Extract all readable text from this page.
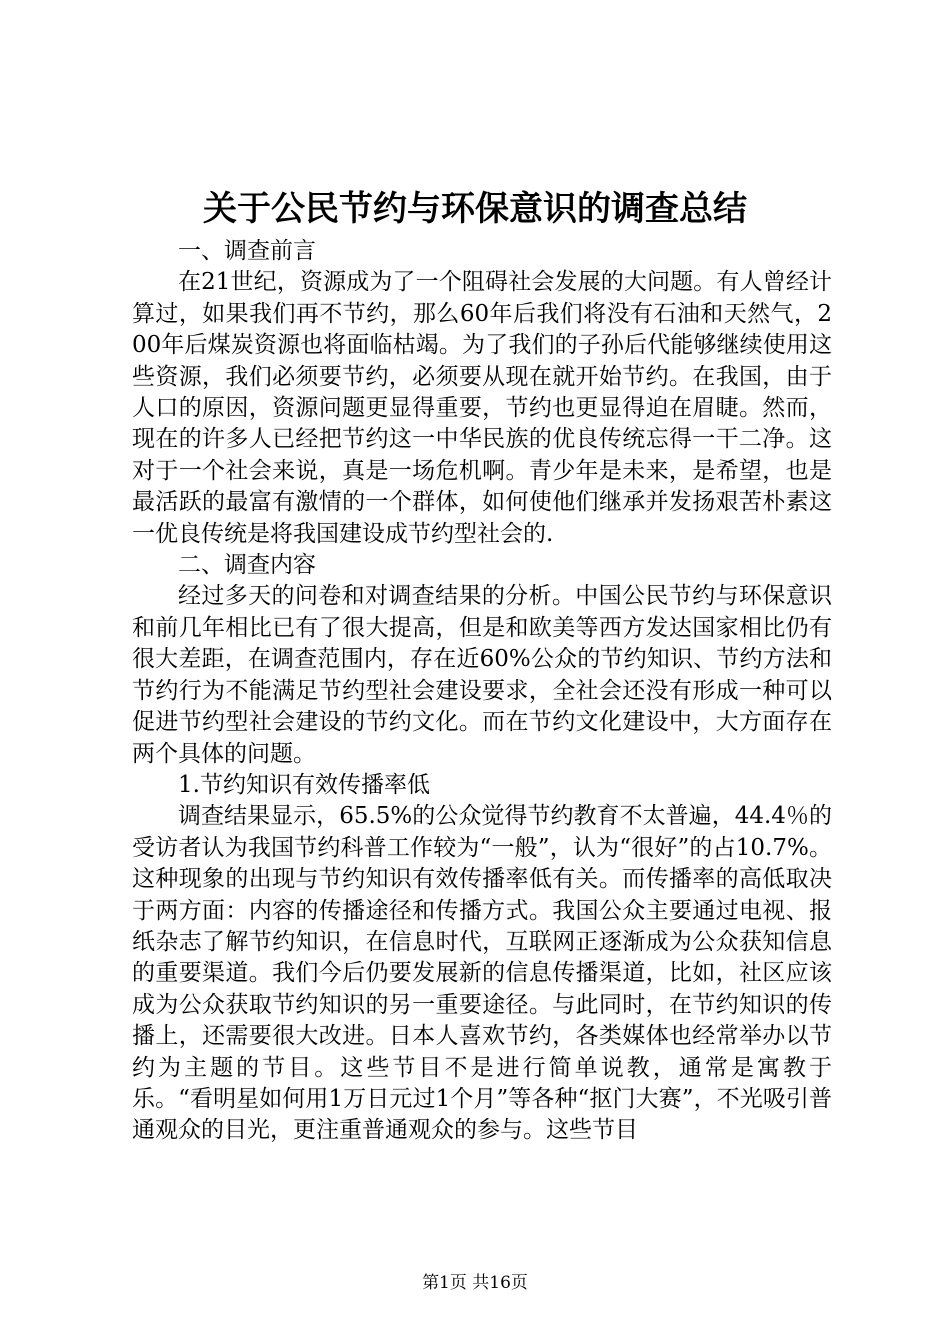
关于公民节约与环保意识的调查总结

一、调查前言

在21世纪，资源成为了一个阻碍社会发展的大问题。有人曾经计算过，如果我们再不节约，那么60年后我们将没有石油和天然气，200年后煤炭资源也将面临枯竭。为了我们的子孙后代能够继续使用这些资源，我们必须要节约，必须要从现在就开始节约。在我国，由于人口的原因，资源问题更显得重要，节约也更显得迫在眉睫。然而，现在的许多人已经把节约这一中华民族的优良传统忘得一干二净。这对于一个社会来说，真是一场危机啊。青少年是未来，是希望，也是最活跃的最富有激情的一个群体，如何使他们继承并发扬艰苦朴素这一优良传统是将我国建设成节约型社会的.

二、调查内容

经过多天的问卷和对调查结果的分析。中国公民节约与环保意识和前几年相比已有了很大提高，但是和欧美等西方发达国家相比仍有很大差距，在调查范围内，存在近60%公众的节约知识、节约方法和节约行为不能满足节约型社会建设要求，全社会还没有形成一种可以促进节约型社会建设的节约文化。而在节约文化建设中，大方面存在两个具体的问题。

1.节约知识有效传播率低

调查结果显示，65.5%的公众觉得节约教育不太普遍，44.4％的受访者认为我国节约科普工作较为“一般”，认为“很好”的占10.7%。这种现象的出现与节约知识有效传播率低有关。而传播率的高低取决于两方面：内容的传播途径和传播方式。我国公众主要通过电视、报纸杂志了解节约知识，在信息时代，互联网正逐渐成为公众获知信息的重要渠道。我们今后仍要发展新的信息传播渠道，比如，社区应该成为公众获取节约知识的另一重要途径。与此同时，在节约知识的传播上，还需要很大改进。日本人喜欢节约，各类媒体也经常举办以节约为主题的节目。这些节目不是进行简单说教，通常是寓教于乐。“看明星如何用1万日元过1个月”等各种“抠门大赛”，不光吸引普通观众的目光，更注重普通观众的参与。这些节目

第1页 共16页
